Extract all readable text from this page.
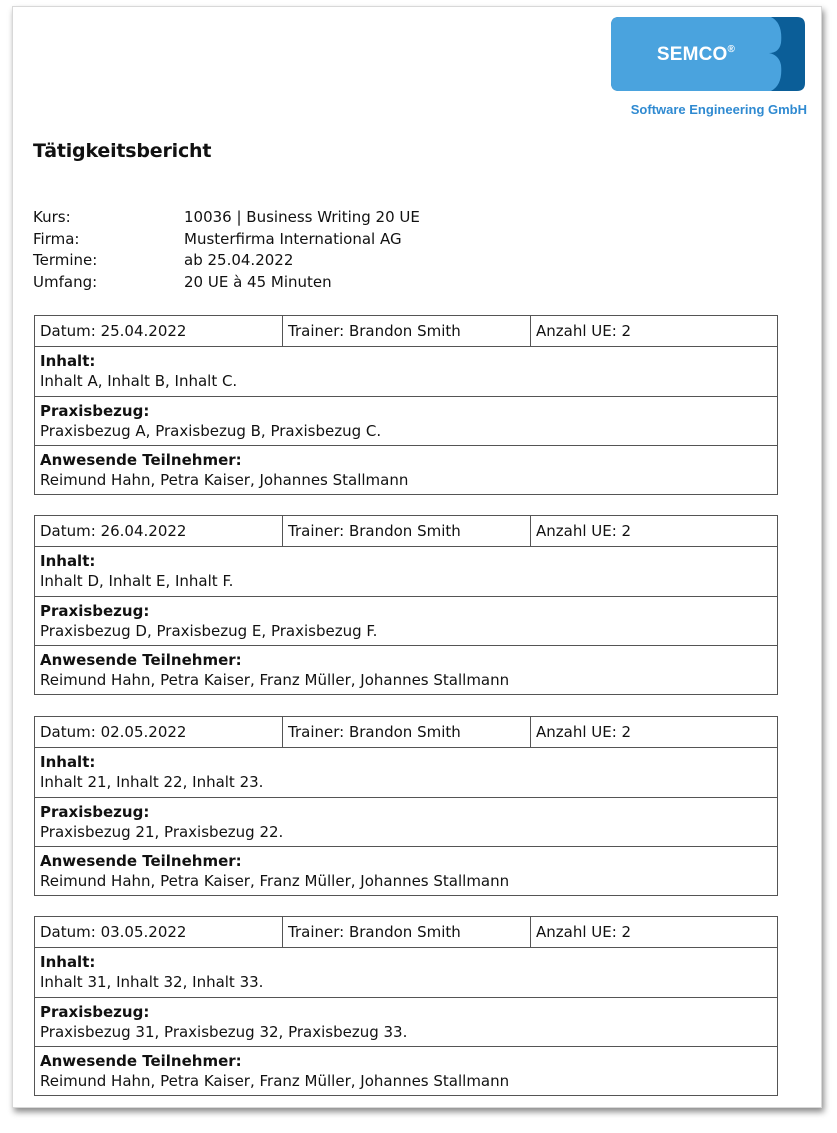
SEMCO®
Software Engineering GmbH
Tätigkeitsbericht
Kurs:	10036 | Business Writing 20 UE
Firma:	Musterfirma International AG
Termine:	ab 25.04.2022
Umfang:	20 UE à 45 Minuten
Datum: 25.04.2022	Trainer: Brandon Smith	Anzahl UE: 2
Inhalt:
Inhalt A, Inhalt B, Inhalt C.
Praxisbezug:
Praxisbezug A, Praxisbezug B, Praxisbezug C.
Anwesende Teilnehmer:
Reimund Hahn, Petra Kaiser, Johannes Stallmann
Datum: 26.04.2022	Trainer: Brandon Smith	Anzahl UE: 2
Inhalt:
Inhalt D, Inhalt E, Inhalt F.
Praxisbezug:
Praxisbezug D, Praxisbezug E, Praxisbezug F.
Anwesende Teilnehmer:
Reimund Hahn, Petra Kaiser, Franz Müller, Johannes Stallmann
Datum: 02.05.2022	Trainer: Brandon Smith	Anzahl UE: 2
Inhalt:
Inhalt 21, Inhalt 22, Inhalt 23.
Praxisbezug:
Praxisbezug 21, Praxisbezug 22.
Anwesende Teilnehmer:
Reimund Hahn, Petra Kaiser, Franz Müller, Johannes Stallmann
Datum: 03.05.2022	Trainer: Brandon Smith	Anzahl UE: 2
Inhalt:
Inhalt 31, Inhalt 32, Inhalt 33.
Praxisbezug:
Praxisbezug 31, Praxisbezug 32, Praxisbezug 33.
Anwesende Teilnehmer:
Reimund Hahn, Petra Kaiser, Franz Müller, Johannes Stallmann
